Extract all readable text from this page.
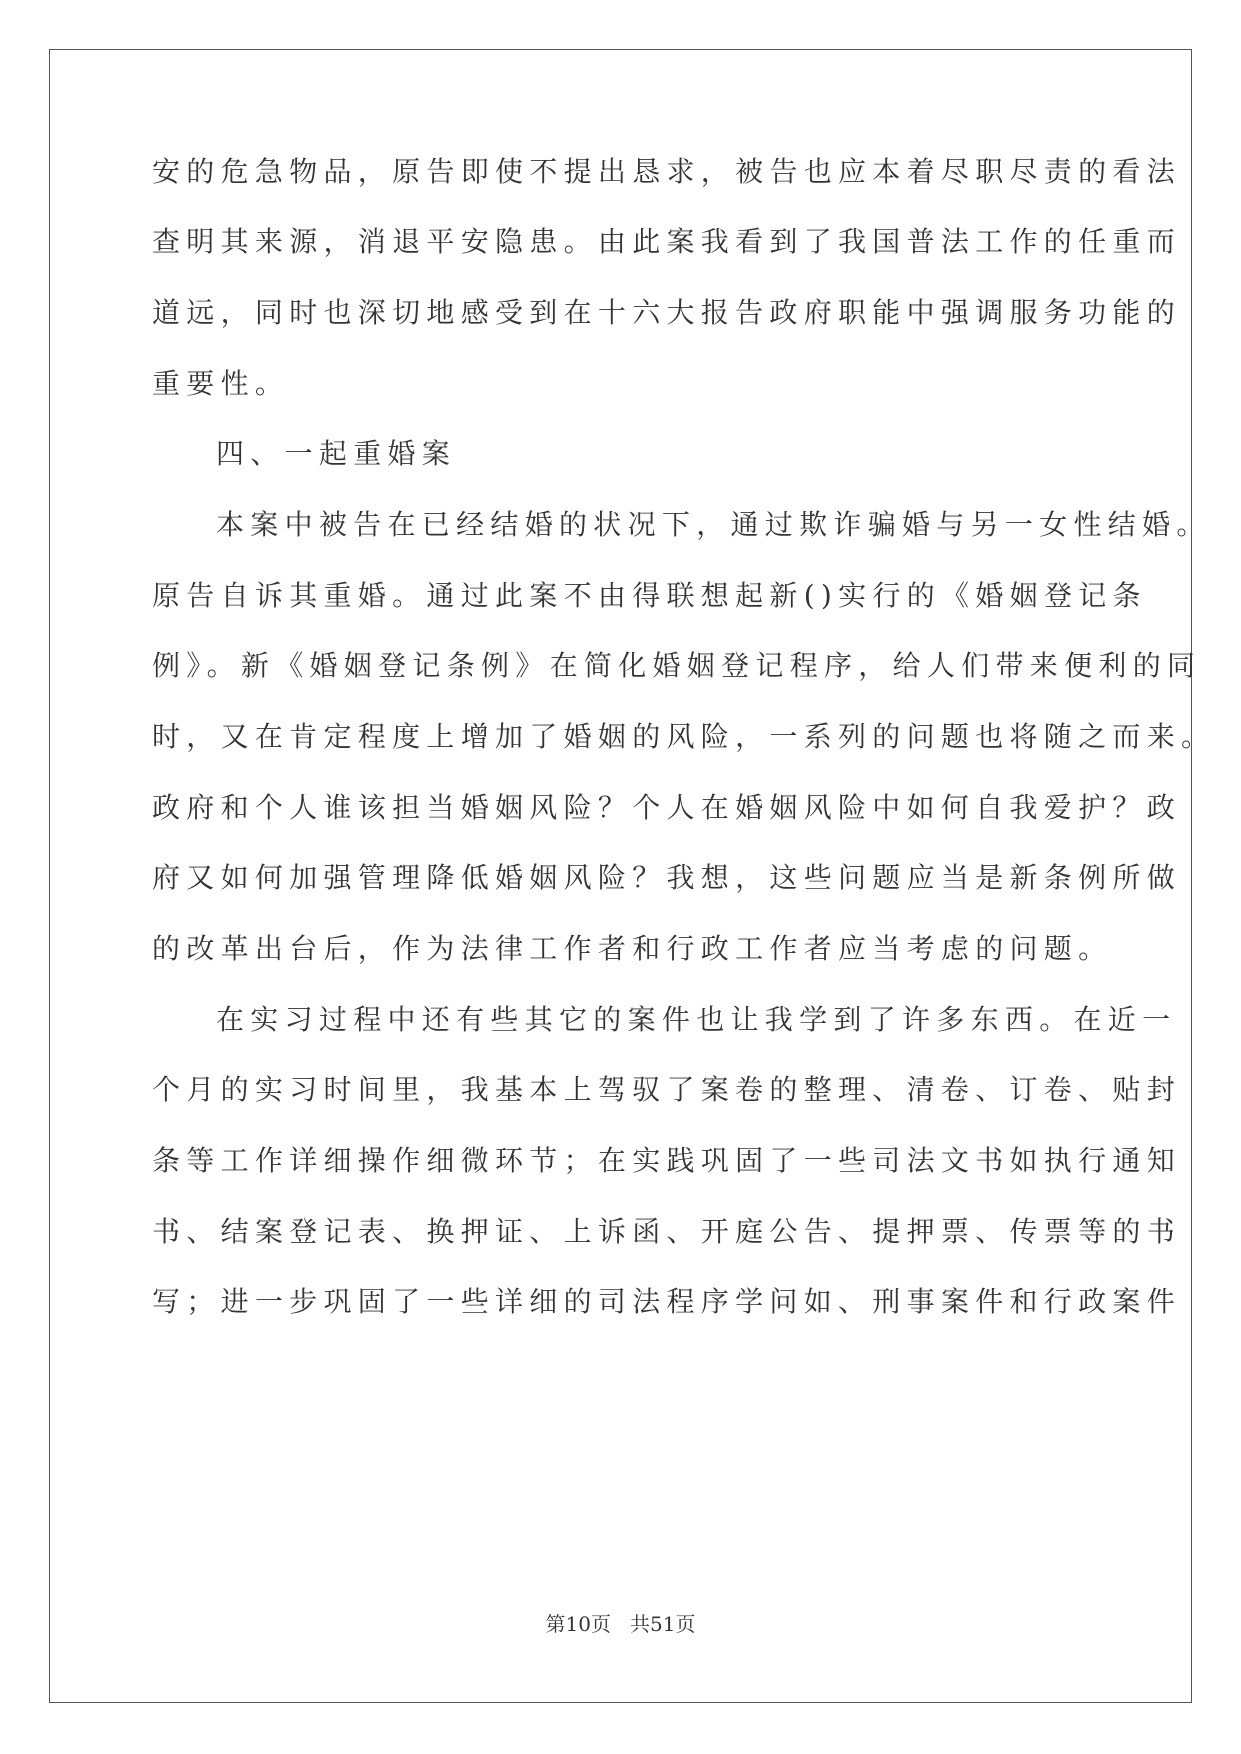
安的危急物品，原告即使不提出恳求，被告也应本着尽职尽责的看法
查明其来源，消退平安隐患。由此案我看到了我国普法工作的任重而
道远，同时也深切地感受到在十六大报告政府职能中强调服务功能的
重要性。
四、一起重婚案
本案中被告在已经结婚的状况下，通过欺诈骗婚与另一女性结婚。
原告自诉其重婚。通过此案不由得联想起新()实行的《婚姻登记条
例》。新《婚姻登记条例》在简化婚姻登记程序，给人们带来便利的同
时，又在肯定程度上增加了婚姻的风险，一系列的问题也将随之而来。
政府和个人谁该担当婚姻风险？个人在婚姻风险中如何自我爱护？政
府又如何加强管理降低婚姻风险？我想，这些问题应当是新条例所做
的改革出台后，作为法律工作者和行政工作者应当考虑的问题。
在实习过程中还有些其它的案件也让我学到了许多东西。在近一
个月的实习时间里，我基本上驾驭了案卷的整理、清卷、订卷、贴封
条等工作详细操作细微环节；在实践巩固了一些司法文书如执行通知
书、结案登记表、换押证、上诉函、开庭公告、提押票、传票等的书
写；进一步巩固了一些详细的司法程序学问如、刑事案件和行政案件
第10页 共51页
